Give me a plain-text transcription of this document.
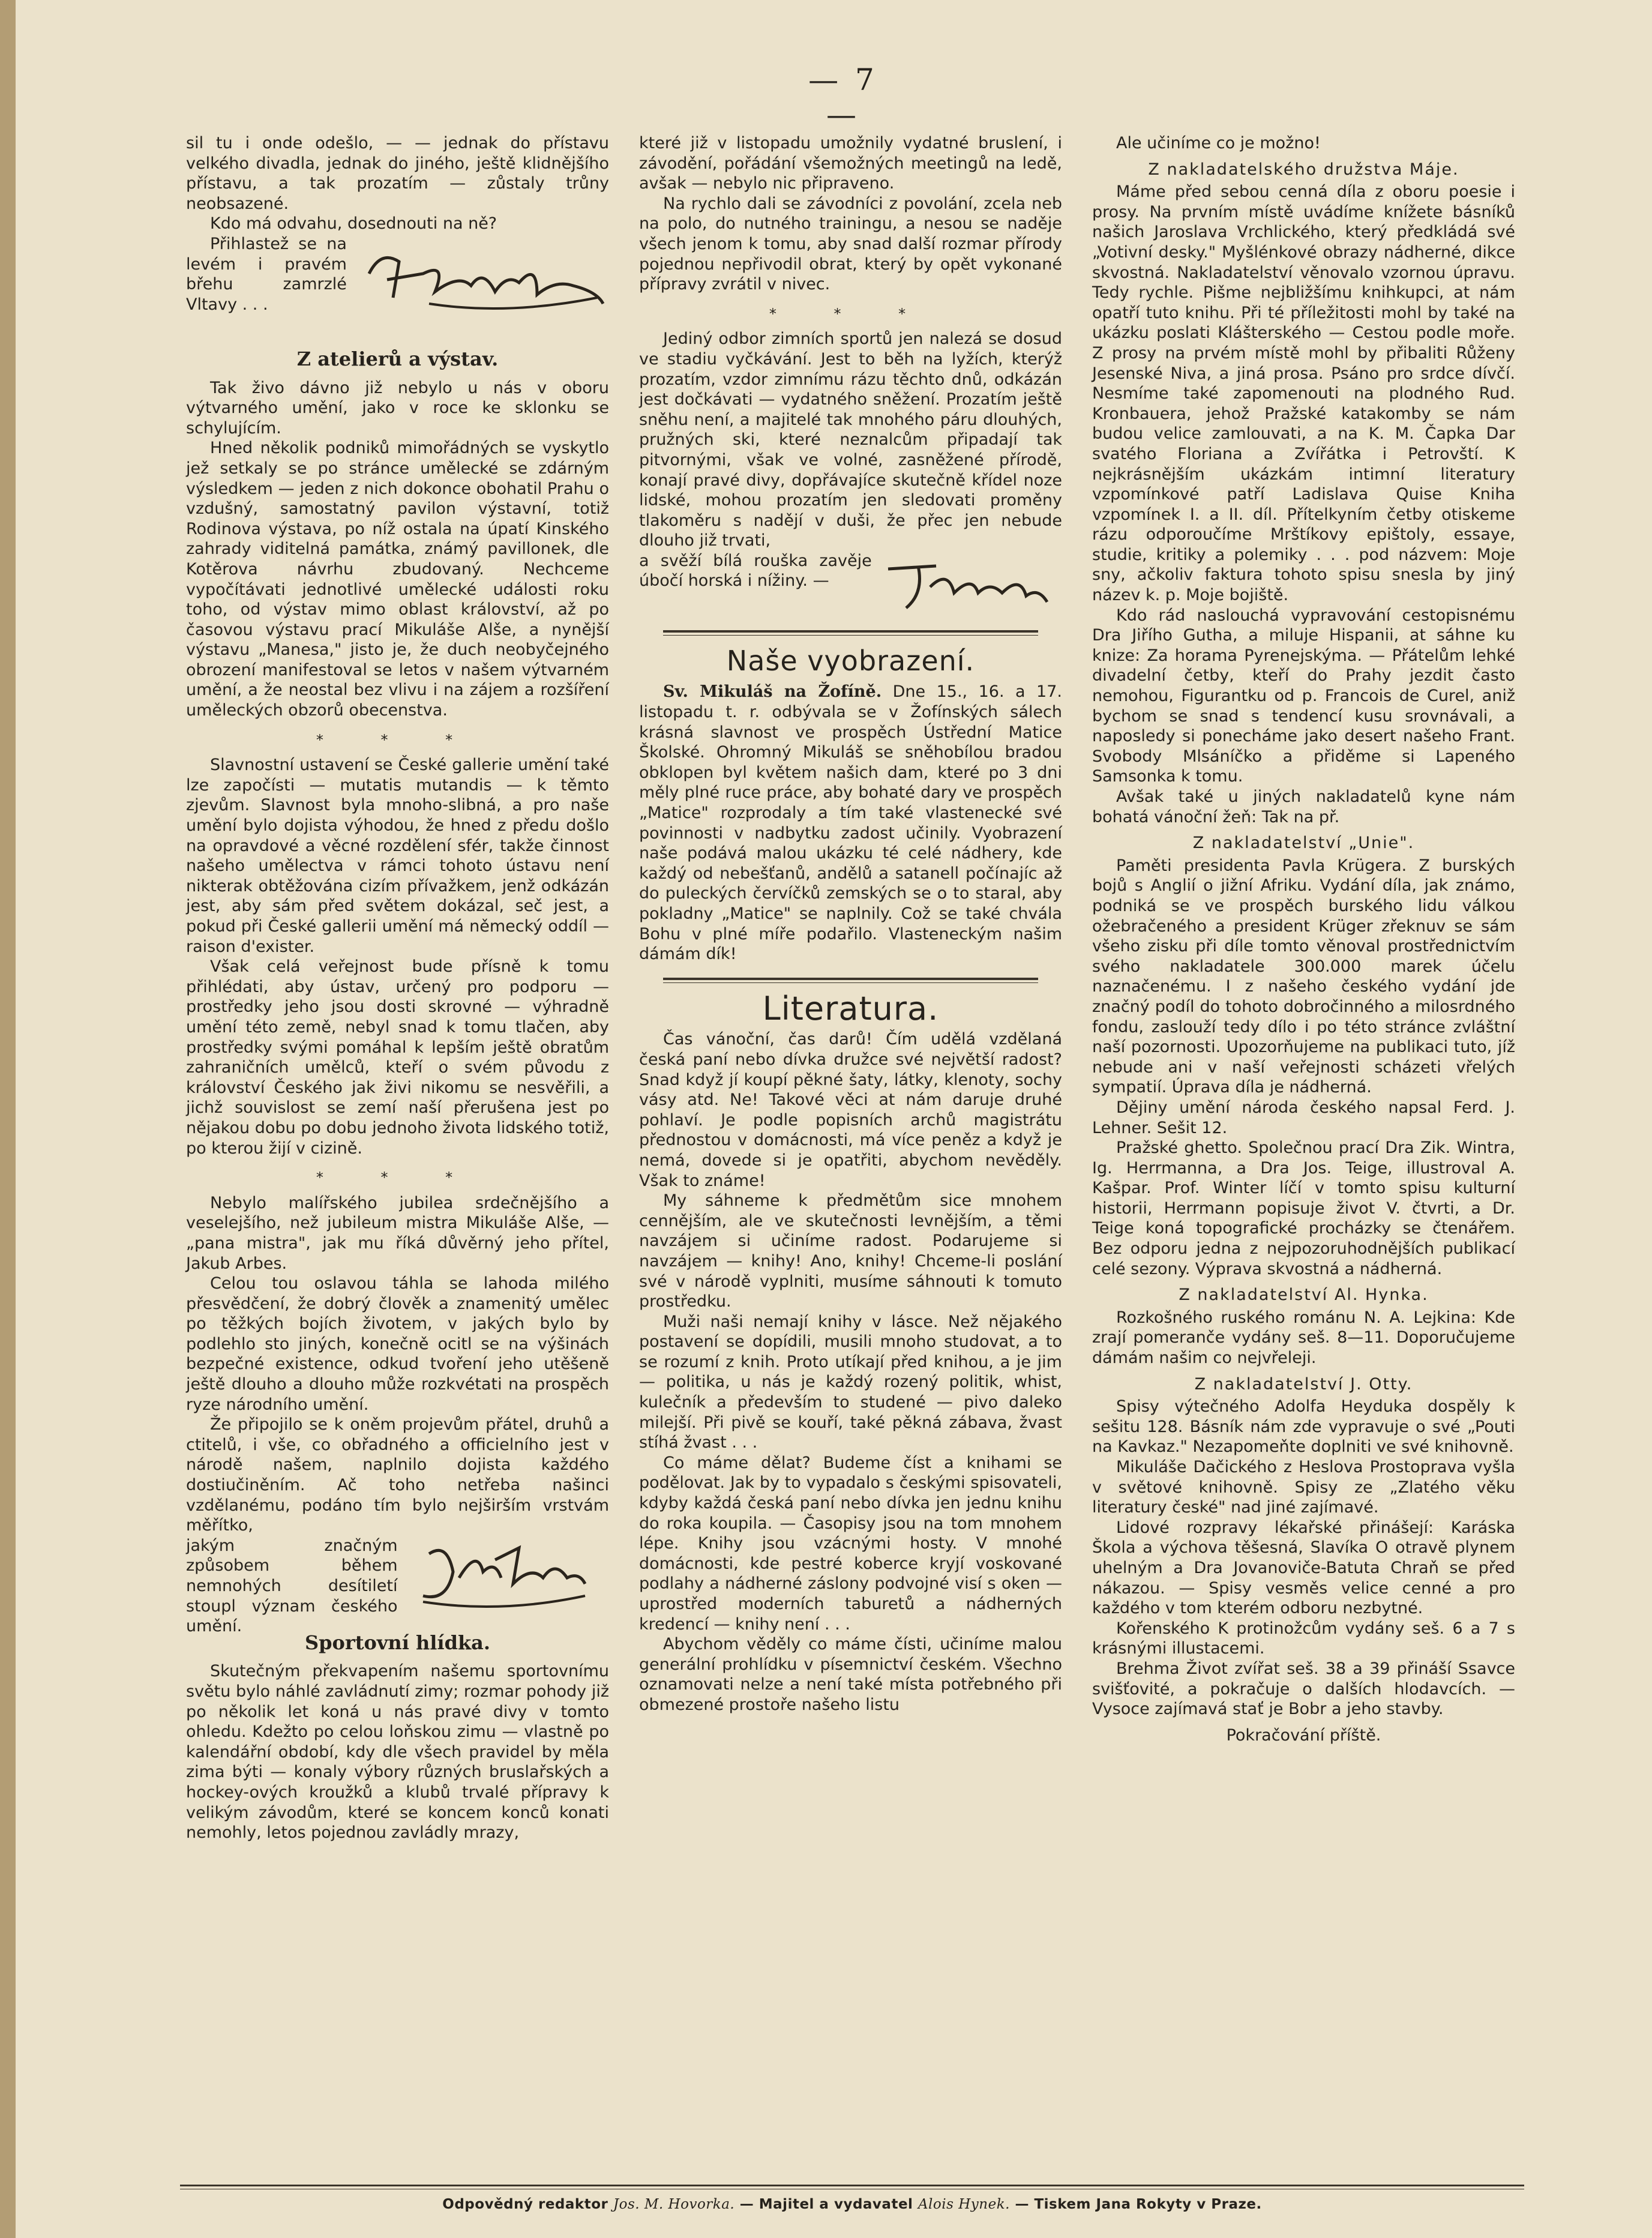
— 7 —

sil tu i onde odešlo, — — jednak do přístavu velkého divadla, jednak do jiného, ještě klidnějšího přístavu, a tak prozatím — zůstaly trůny neobsazené.

Kdo má odvahu, dosednouti na ně?

Přihlastež se na levém i pravém břehu zamrzlé Vltavy . . .

F. Kazimír
Z atelierů a výstav.

Tak živo dávno již nebylo u nás v oboru výtvarného umění, jako v roce ke sklonku se schylujícím.

Hned několik podniků mimořádných se vyskytlo jež setkaly se po stránce umělecké se zdárným výsledkem — jeden z nich dokonce obohatil Prahu o vzdušný, samostatný pavilon výstavní, totiž Rodinova výstava, po níž ostala na úpatí Kinského zahrady viditelná památka, známý pavillonek, dle Kotěrova návrhu zbudovaný. Nechceme vypočítávati jednotlivé umělecké události roku toho, od výstav mimo oblast království, až po časovou výstavu prací Mikuláše Alše, a nynější výstavu „Manesa," jisto je, že duch neobyčejného obrození manifestoval se letos v našem výtvarném umění, a že neostal bez vlivu i na zájem a rozšíření uměleckých obzorů obecenstva.

* * *

Slavnostní ustavení se České gallerie umění také lze započísti — mutatis mutandis — k těmto zjevům. Slavnost byla mnoho-slibná, a pro naše umění bylo dojista výhodou, že hned z předu došlo na opravdové a věcné rozdělení sfér, takže činnost našeho umělectva v rámci tohoto ústavu není nikterak obtěžována cizím přívažkem, jenž odkázán jest, aby sám před světem dokázal, seč jest, a pokud při České gallerii umění má německý oddíl — raison d'exister.

Však celá veřejnost bude přísně k tomu přihlédati, aby ústav, určený pro podporu — prostředky jeho jsou dosti skrovné — výhradně umění této země, nebyl snad k tomu tlačen, aby prostředky svými pomáhal k lepším ještě obratům zahraničních umělců, kteří o svém původu z království Českého jak živi nikomu se nesvěřili, a jichž souvislost se zemí naší přerušena jest po nějakou dobu po dobu jednoho života lidského totiž, po kterou žijí v cizině.

* * *

Nebylo malířského jubilea srdečnějšího a veselejšího, než jubileum mistra Mikuláše Alše, — „pana mistra", jak mu říká důvěrný jeho přítel, Jakub Arbes.

Celou tou oslavou táhla se lahoda milého přesvědčení, že dobrý člověk a znamenitý umělec po těžkých bojích životem, v jakých bylo by podlehlo sto jiných, konečně ocitl se na výšinách bezpečné existence, odkud tvoření jeho utěšeně ještě dlouho a dlouho může rozkvétati na prospěch ryze národního umění.

Že připojilo se k oněm projevům přátel, druhů a ctitelů, i vše, co obřadného a officielního jest v národě našem, naplnilo dojista každého dostiučiněním. Ač toho netřeba našinci vzdělanému, podáno tím bylo nejširším vrstvám měřítko,

jakým značným způsobem během nemnohých desítiletí stoupl význam českého umění.

Jan Bokáč
Sportovní hlídka.

Skutečným překvapením našemu sportovnímu světu bylo náhlé zavládnutí zimy; rozmar pohody již po několik let koná u nás pravé divy v tomto ohledu. Kdežto po celou loňskou zimu — vlastně po kalendářní období, kdy dle všech pravidel by měla zima býti — konaly výbory různých bruslařských a hockey-ových kroužků a klubů trvalé přípravy k velikým závodům, které se koncem konců konati nemohly, letos pojednou zavládly mrazy,

které již v listopadu umožnily vydatné bruslení, i závodění, pořádání všemožných meetingů na ledě, avšak — nebylo nic připraveno.

Na rychlo dali se závodníci z povolání, zcela neb na polo, do nutného trainingu, a nesou se naděje všech jenom k tomu, aby snad další rozmar přírody pojednou nepřivodil obrat, který by opět vykonané přípravy zvrátil v nivec.

* * *

Jediný odbor zimních sportů jen nalezá se dosud ve stadiu vyčkávání. Jest to běh na lyžích, kterýž prozatím, vzdor zimnímu rázu těchto dnů, odkázán jest dočkávati — vydatného sněžení. Prozatím ještě sněhu není, a majitelé tak mnohého páru dlouhých, pružných ski, které neznalcům připadají tak pitvornými, však ve volné, zasněžené přírodě, konají pravé divy, dopřávajíce skutečně křídel noze lidské, mohou prozatím jen sledovati proměny tlakoměru s nadějí v duši, že přec jen nebude dlouho již trvati,

a svěží bílá rouška zavěje úbočí horská i nížiny. —

Hnatek
Naše vyobrazení.

Sv. Mikuláš na Žofíně. Dne 15., 16. a 17. listopadu t. r. odbývala se v Žofínských sálech krásná slavnost ve prospěch Ústřední Matice Školské. Ohromný Mikuláš se sněhobílou bradou obklopen byl květem našich dam, které po 3 dni měly plné ruce práce, aby bohaté dary ve prospěch „Matice" rozprodaly a tím také vlastenecké své povinnosti v nadbytku zadost učinily. Vyobrazení naše podává malou ukázku té celé nádhery, kde každý od nebešťanů, andělů a satanell počínajíc až do puleckých červíčků zemských se o to staral, aby pokladny „Matice" se naplnily. Což se také chvála Bohu v plné míře podařilo. Vlasteneckým našim dámám dík!

Literatura.

Čas vánoční, čas darů! Čím udělá vzdělaná česká paní nebo dívka družce své největší radost? Snad když jí koupí pěkné šaty, látky, klenoty, sochy vásy atd. Ne! Takové věci at nám daruje druhé pohlaví. Je podle popisních archů magistrátu přednostou v domácnosti, má více peněz a když je nemá, dovede si je opatřiti, abychom nevěděly. Však to známe!

My sáhneme k předmětům sice mnohem cennějším, ale ve skutečnosti levnějším, a těmi navzájem si učiníme radost. Podarujeme si navzájem — knihy! Ano, knihy! Chceme-li poslání své v národě vyplniti, musíme sáhnouti k tomuto prostředku.

Muži naši nemají knihy v lásce. Než nějakého postavení se dopídili, musili mnoho studovat, a to se rozumí z knih. Proto utíkají před knihou, a je jim — politika, u nás je každý rozený politik, whist, kulečník a především to studené — pivo daleko milejší. Při pivě se kouří, také pěkná zábava, žvast stíhá žvast . . .

Co máme dělat? Budeme číst a knihami se podělovat. Jak by to vypadalo s českými spisovateli, kdyby každá česká paní nebo dívka jen jednu knihu do roka koupila. — Časopisy jsou na tom mnohem lépe. Knihy jsou vzácnými hosty. V mnohé domácnosti, kde pestré koberce kryjí voskované podlahy a nádherné záslony podvojné visí s oken — uprostřed moderních taburetů a nádherných kredencí — knihy není . . .

Abychom věděly co máme čísti, učiníme malou generální prohlídku v písemnictví českém. Všechno oznamovati nelze a není také místa potřebného při obmezené prostoře našeho listu

Ale učiníme co je možno!

Z nakladatelského družstva Máje.

Máme před sebou cenná díla z oboru poesie i prosy. Na prvním místě uvádíme knížete básníků našich Jaroslava Vrchlického, který předkládá své „Votivní desky." Myšlénkové obrazy nádherné, dikce skvostná. Nakladatelství věnovalo vzornou úpravu. Tedy rychle. Pišme nejbližšímu knihkupci, at nám opatří tuto knihu. Při té příležitosti mohl by také na ukázku poslati Klášterského — Cestou podle moře. Z prosy na prvém místě mohl by přibaliti Růženy Jesenské Niva, a jiná prosa. Psáno pro srdce dívčí. Nesmíme také zapomenouti na plodného Rud. Kronbauera, jehož Pražské katakomby se nám budou velice zamlouvati, a na K. M. Čapka Dar svatého Floriana a Zvířátka i Petrovští. K nejkrásnějším ukázkám intimní literatury vzpomínkové patří Ladislava Quise Kniha vzpomínek I. a II. díl. Přítelkyním četby otiskeme rázu odporoučíme Mrštíkovy epištoly, essaye, studie, kritiky a polemiky . . . pod názvem: Moje sny, ačkoliv faktura tohoto spisu snesla by jiný název k. p. Moje bojiště.

Kdo rád naslouchá vypravování cestopisnému Dra Jiřího Gutha, a miluje Hispanii, at sáhne ku knize: Za horama Pyrenejskýma. — Přátelům lehké divadelní četby, kteří do Prahy jezdit často nemohou, Figurantku od p. Francois de Curel, aniž bychom se snad s tendencí kusu srovnávali, a naposledy si ponecháme jako desert našeho Frant. Svobody Mlsáníčko a přiděme si Lapeného Samsonka k tomu.

Avšak také u jiných nakladatelů kyne nám bohatá vánoční žeň: Tak na př.

Z nakladatelství „Unie".

Paměti presidenta Pavla Krügera. Z burských bojů s Anglií o jižní Afriku. Vydání díla, jak známo, podniká se ve prospěch burského lidu válkou ožebračeného a president Krüger zřeknuv se sám všeho zisku při díle tomto věnoval prostřednictvím svého nakladatele 300.000 marek účelu naznačenému. I z našeho českého vydání jde značný podíl do tohoto dobročinného a milosrdného fondu, zaslouží tedy dílo i po této stránce zvláštní naší pozornosti. Upozorňujeme na publikaci tuto, jíž nebude ani v naší veřejnosti scházeti vřelých sympatií. Úprava díla je nádherná.

Dějiny umění národa českého napsal Ferd. J. Lehner. Sešit 12.

Pražské ghetto. Společnou prací Dra Zik. Wintra, Ig. Herrmanna, a Dra Jos. Teige, illustroval A. Kašpar. Prof. Winter líčí v tomto spisu kulturní historii, Herrmann popisuje život V. čtvrti, a Dr. Teige koná topografické procházky se čtenářem. Bez odporu jedna z nejpozoruhodnějších publikací celé sezony. Výprava skvostná a nádherná.

Z nakladatelství Al. Hynka.

Rozkošného ruského románu N. A. Lejkina: Kde zrají pomeranče vydány seš. 8—11. Doporučujeme dámám našim co nejvřeleji.

Z nakladatelství J. Otty.

Spisy výtečného Adolfa Heyduka dospěly k sešitu 128. Básník nám zde vypravuje o své „Pouti na Kavkaz." Nezapomeňte doplniti ve své knihovně.

Mikuláše Dačického z Heslova Prostoprava vyšla v světové knihovně. Spisy ze „Zlatého věku literatury české" nad jiné zajímavé.

Lidové rozpravy lékařské přinášejí: Karáska Škola a výchova těšesná, Slavíka O otravě plynem uhelným a Dra Jovanoviče-Batuta Chraň se před nákazou. — Spisy vesměs velice cenné a pro každého v tom kterém odboru nezbytné.

Kořenského K protinožcům vydány seš. 6 a 7 s krásnými illustacemi.

Brehma Život zvířat seš. 38 a 39 přináší Ssavce svišťovité, a pokračuje o dalších hlodavcích. — Vysoce zajímavá stať je Bobr a jeho stavby.

Pokračování příště.

Odpovědný redaktor Jos. M. Hovorka. — Majitel a vydavatel Alois Hynek. — Tiskem Jana Rokyty v Praze.
